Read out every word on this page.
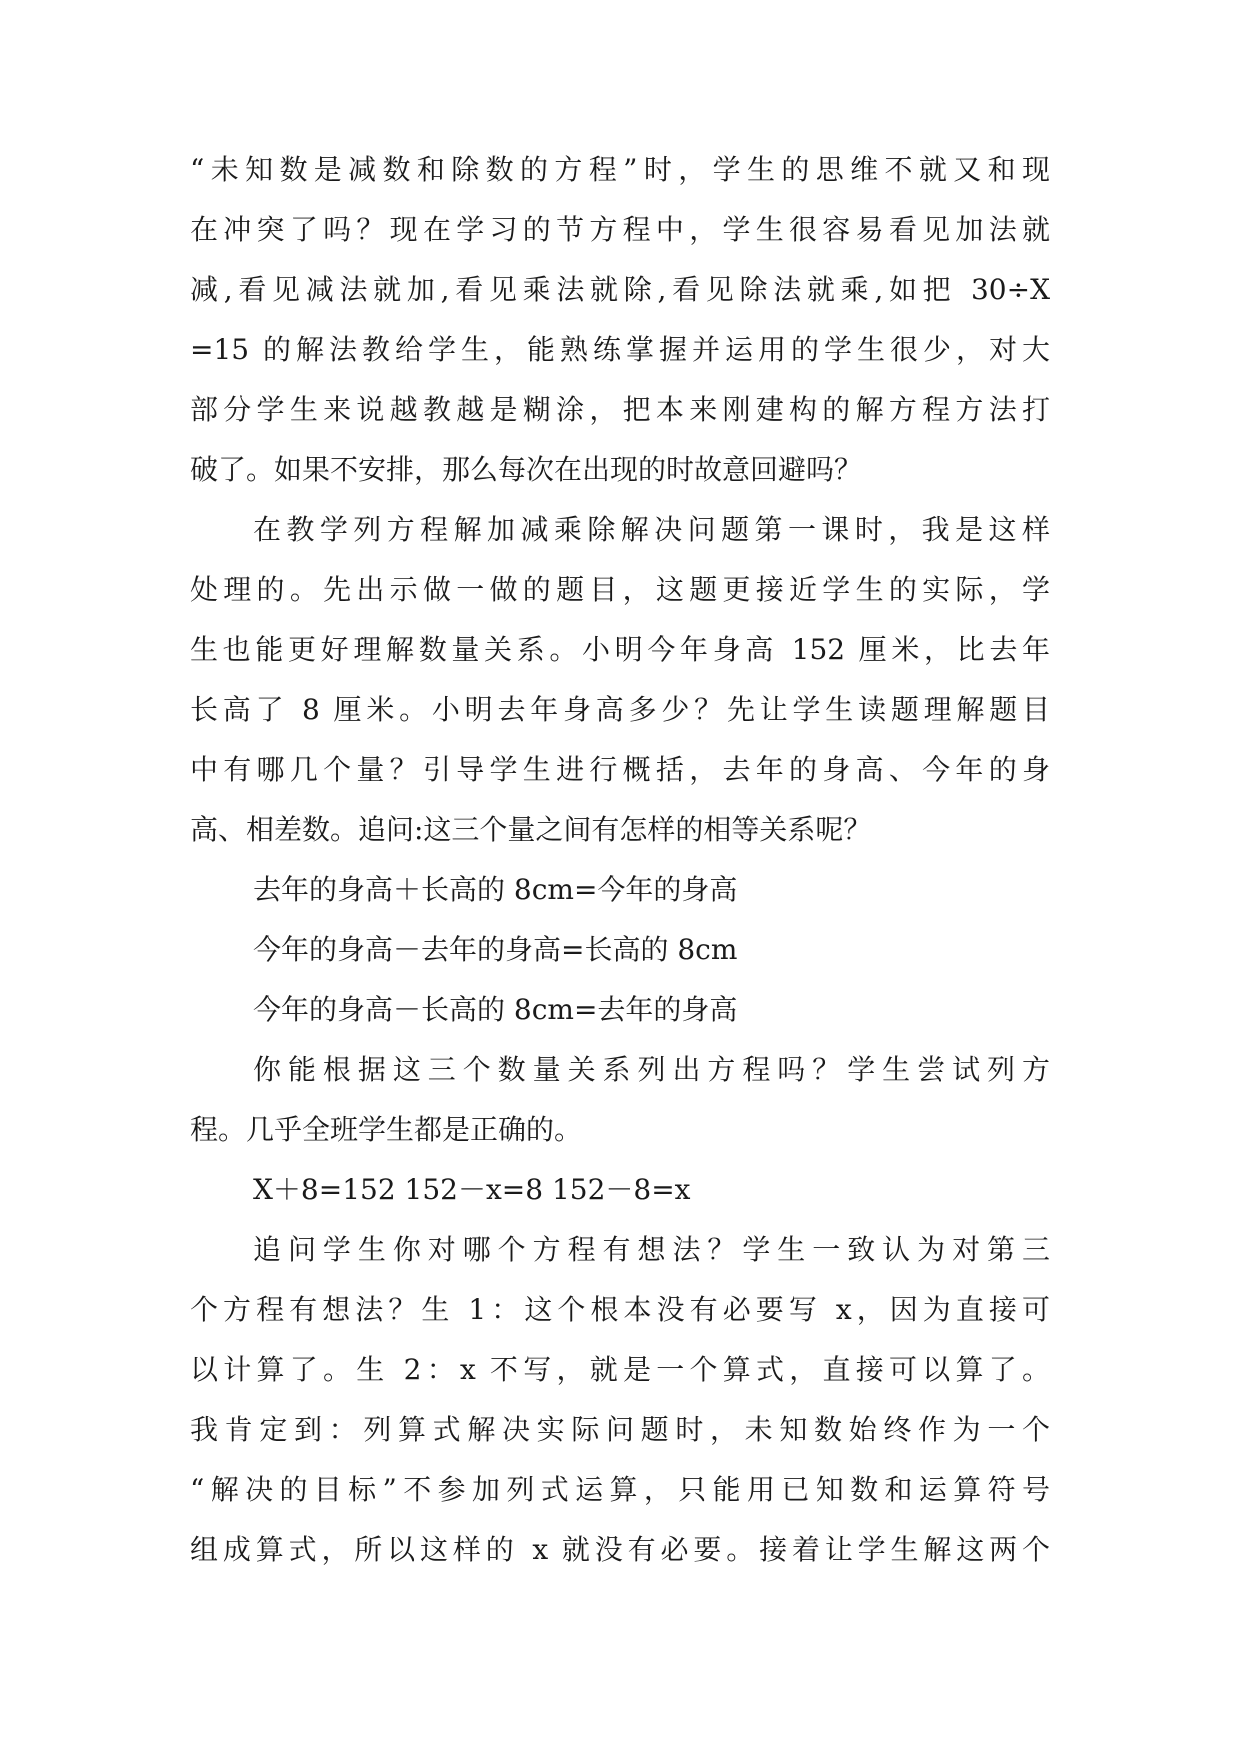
“未知数是减数和除数的方程”时，学生的思维不就又和现
在冲突了吗？现在学习的节方程中，学生很容易看见加法就
减,看见减法就加,看见乘法就除,看见除法就乘,如把 30÷X
=15 的解法教给学生，能熟练掌握并运用的学生很少，对大
部分学生来说越教越是糊涂，把本来刚建构的解方程方法打
破了。如果不安排，那么每次在出现的时故意回避吗？
在教学列方程解加减乘除解决问题第一课时，我是这样
处理的。先出示做一做的题目，这题更接近学生的实际，学
生也能更好理解数量关系。小明今年身高 152 厘米，比去年
长高了 8 厘米。小明去年身高多少？先让学生读题理解题目
中有哪几个量？引导学生进行概括，去年的身高、今年的身
高、相差数。追问:这三个量之间有怎样的相等关系呢？
去年的身高＋长高的 8cm=今年的身高
今年的身高－去年的身高=长高的 8cm
今年的身高－长高的 8cm=去年的身高
你能根据这三个数量关系列出方程吗？学生尝试列方
程。几乎全班学生都是正确的。
X＋8=152 152－x=8 152－8=x
追问学生你对哪个方程有想法？学生一致认为对第三
个方程有想法？生 1：这个根本没有必要写 x，因为直接可
以计算了。生 2：x 不写，就是一个算式，直接可以算了。
我肯定到：列算式解决实际问题时，未知数始终作为一个
“解决的目标”不参加列式运算，只能用已知数和运算符号
组成算式，所以这样的 x 就没有必要。接着让学生解这两个
